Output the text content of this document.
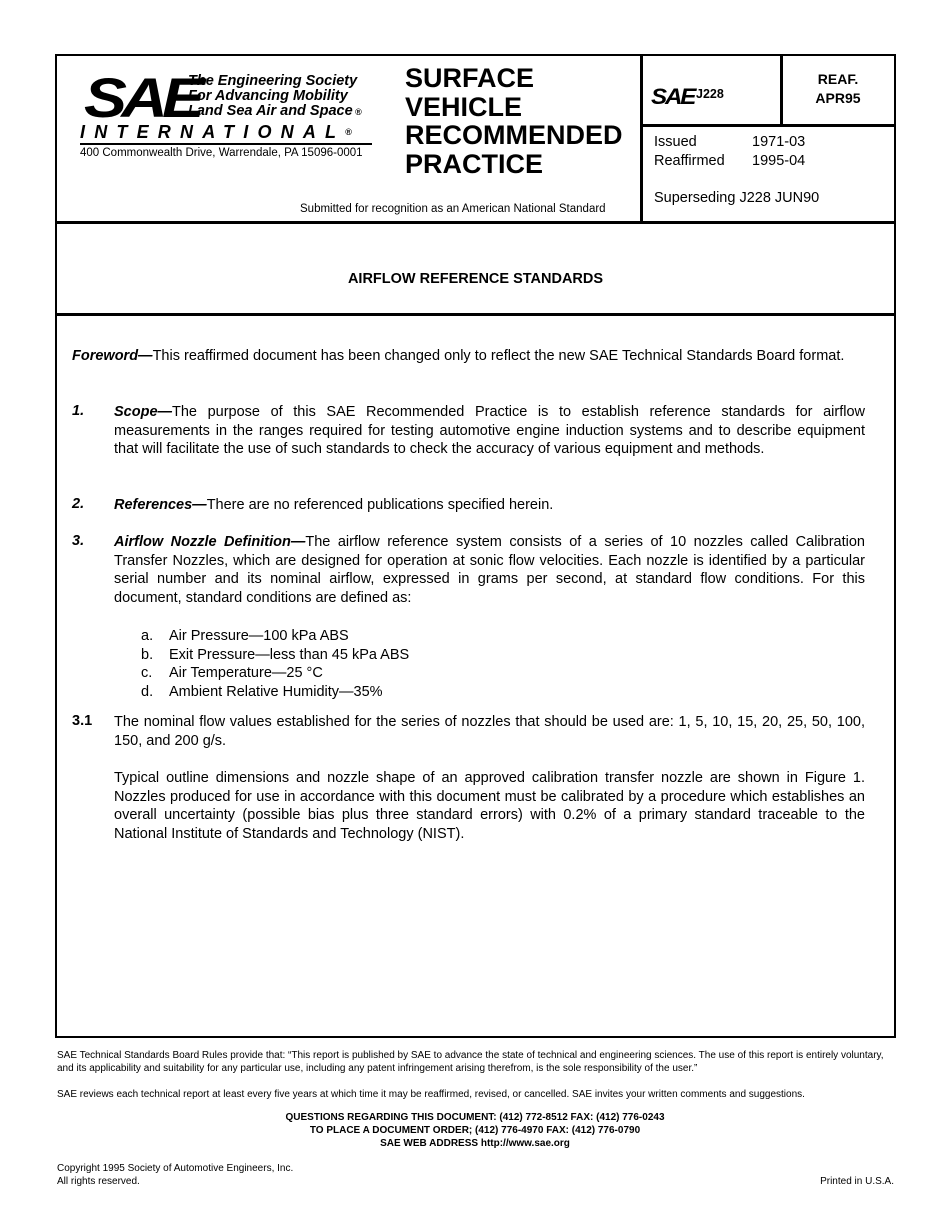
SAE
The Engineering Society
For Advancing Mobility
Land Sea Air and Space ®
INTERNATIONAL®
400 Commonwealth Drive, Warrendale, PA 15096-0001
SURFACE
VEHICLE
RECOMMENDED
PRACTICE
Submitted for recognition as an American National Standard
SAE J228
REAF.
APR95
Issued	1971-03
Reaffirmed 1995-04
Superseding J228 JUN90
AIRFLOW REFERENCE STANDARDS
Foreword—This reaffirmed document has been changed only to reflect the new SAE Technical Standards Board format.
1. Scope—The purpose of this SAE Recommended Practice is to establish reference standards for airflow measurements in the ranges required for testing automotive engine induction systems and to describe equipment that will facilitate the use of such standards to check the accuracy of various equipment and methods.
2. References—There are no referenced publications specified herein.
3. Airflow Nozzle Definition—The airflow reference system consists of a series of 10 nozzles called Calibration Transfer Nozzles, which are designed for operation at sonic flow velocities. Each nozzle is identified by a particular serial number and its nominal airflow, expressed in grams per second, at standard flow conditions. For this document, standard conditions are defined as:
a.	Air Pressure—100 kPa ABS
b.	Exit Pressure—less than 45 kPa ABS
c.	Air Temperature—25 °C
d.	Ambient Relative Humidity—35%
3.1 The nominal flow values established for the series of nozzles that should be used are: 1, 5, 10, 15, 20, 25, 50, 100, 150, and 200 g/s.
Typical outline dimensions and nozzle shape of an approved calibration transfer nozzle are shown in Figure 1. Nozzles produced for use in accordance with this document must be calibrated by a procedure which establishes an overall uncertainty (possible bias plus three standard errors) with 0.2% of a primary standard traceable to the National Institute of Standards and Technology (NIST).
SAE Technical Standards Board Rules provide that: “This report is published by SAE to advance the state of technical and engineering sciences. The use of this report is entirely voluntary, and its applicability and suitability for any particular use, including any patent infringement arising therefrom, is the sole responsibility of the user.”
SAE reviews each technical report at least every five years at which time it may be reaffirmed, revised, or cancelled. SAE invites your written comments and suggestions.
QUESTIONS REGARDING THIS DOCUMENT: (412) 772-8512 FAX: (412) 776-0243
TO PLACE A DOCUMENT ORDER; (412) 776-4970 FAX: (412) 776-0790
SAE WEB ADDRESS http://www.sae.org
Copyright 1995 Society of Automotive Engineers, Inc.
All rights reserved.	Printed in U.S.A.
